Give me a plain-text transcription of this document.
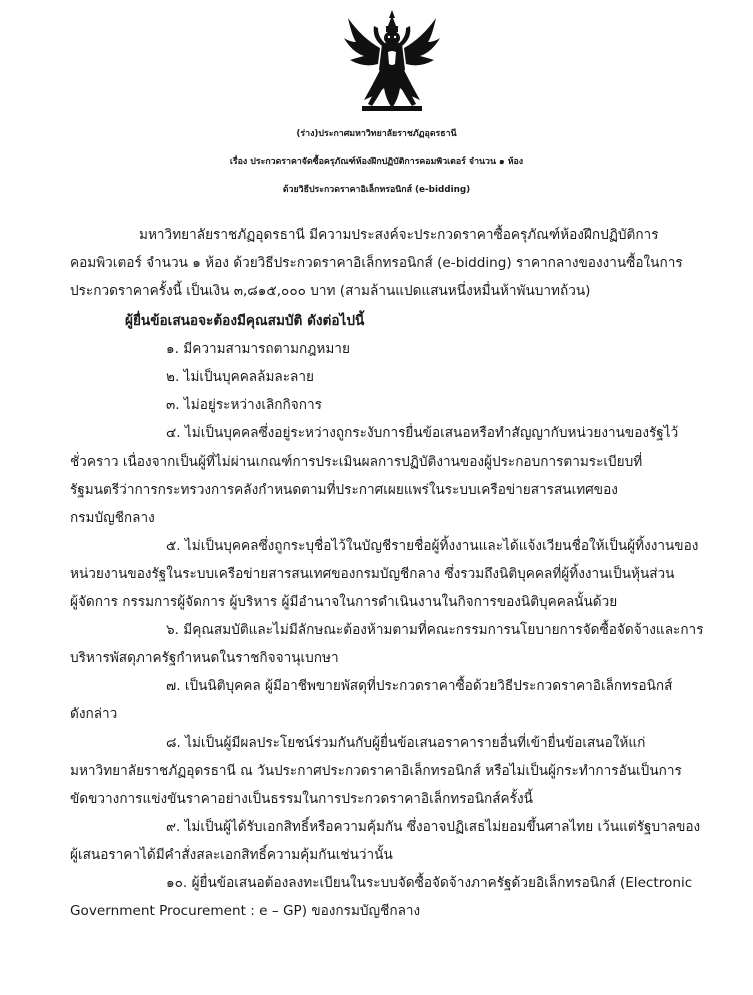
(ร่าง)ประกาศมหาวิทยาลัยราชภัฏอุดรธานี
เรื่อง ประกวดราคาจัดซื้อครุภัณฑ์ห้องฝึกปฏิบัติการคอมพิวเตอร์ จำนวน ๑ ห้อง
ด้วยวิธีประกวดราคาอิเล็กทรอนิกส์ (e-bidding)
มหาวิทยาลัยราชภัฏอุดรธานี มีความประสงค์จะประกวดราคาซื้อครุภัณฑ์ห้องฝึกปฏิบัติการ
คอมพิวเตอร์ จำนวน ๑ ห้อง ด้วยวิธีประกวดราคาอิเล็กทรอนิกส์ (e-bidding) ราคากลางของงานซื้อในการ
ประกวดราคาครั้งนี้ เป็นเงิน ๓,๘๑๕,๐๐๐ บาท (สามล้านแปดแสนหนึ่งหมื่นห้าพันบาทถ้วน)
ผู้ยื่นข้อเสนอจะต้องมีคุณสมบัติ ดังต่อไปนี้
๑. มีความสามารถตามกฎหมาย
๒. ไม่เป็นบุคคลล้มละลาย
๓. ไม่อยู่ระหว่างเลิกกิจการ
๔. ไม่เป็นบุคคลซึ่งอยู่ระหว่างถูกระงับการยื่นข้อเสนอหรือทำสัญญากับหน่วยงานของรัฐไว้
ชั่วคราว เนื่องจากเป็นผู้ที่ไม่ผ่านเกณฑ์การประเมินผลการปฏิบัติงานของผู้ประกอบการตามระเบียบที่
รัฐมนตรีว่าการกระทรวงการคลังกำหนดตามที่ประกาศเผยแพร่ในระบบเครือข่ายสารสนเทศของ
กรมบัญชีกลาง
๕. ไม่เป็นบุคคลซึ่งถูกระบุชื่อไว้ในบัญชีรายชื่อผู้ทิ้งงานและได้แจ้งเวียนชื่อให้เป็นผู้ทิ้งงานของ
หน่วยงานของรัฐในระบบเครือข่ายสารสนเทศของกรมบัญชีกลาง ซึ่งรวมถึงนิติบุคคลที่ผู้ทิ้งงานเป็นหุ้นส่วน
ผู้จัดการ กรรมการผู้จัดการ ผู้บริหาร ผู้มีอำนาจในการดำเนินงานในกิจการของนิติบุคคลนั้นด้วย
๖. มีคุณสมบัติและไม่มีลักษณะต้องห้ามตามที่คณะกรรมการนโยบายการจัดซื้อจัดจ้างและการ
บริหารพัสดุภาครัฐกำหนดในราชกิจจานุเบกษา
๗. เป็นนิติบุคคล ผู้มีอาชีพขายพัสดุที่ประกวดราคาซื้อด้วยวิธีประกวดราคาอิเล็กทรอนิกส์
ดังกล่าว
๘. ไม่เป็นผู้มีผลประโยชน์ร่วมกันกับผู้ยื่นข้อเสนอราคารายอื่นที่เข้ายื่นข้อเสนอให้แก่
มหาวิทยาลัยราชภัฏอุดรธานี ณ วันประกาศประกวดราคาอิเล็กทรอนิกส์ หรือไม่เป็นผู้กระทำการอันเป็นการ
ขัดขวางการแข่งขันราคาอย่างเป็นธรรมในการประกวดราคาอิเล็กทรอนิกส์ครั้งนี้
๙. ไม่เป็นผู้ได้รับเอกสิทธิ์หรือความคุ้มกัน ซึ่งอาจปฏิเสธไม่ยอมขึ้นศาลไทย เว้นแต่รัฐบาลของ
ผู้เสนอราคาได้มีคำสั่งสละเอกสิทธิ์ความคุ้มกันเช่นว่านั้น
๑๐. ผู้ยื่นข้อเสนอต้องลงทะเบียนในระบบจัดซื้อจัดจ้างภาครัฐด้วยอิเล็กทรอนิกส์ (Electronic
Government Procurement : e – GP) ของกรมบัญชีกลาง
